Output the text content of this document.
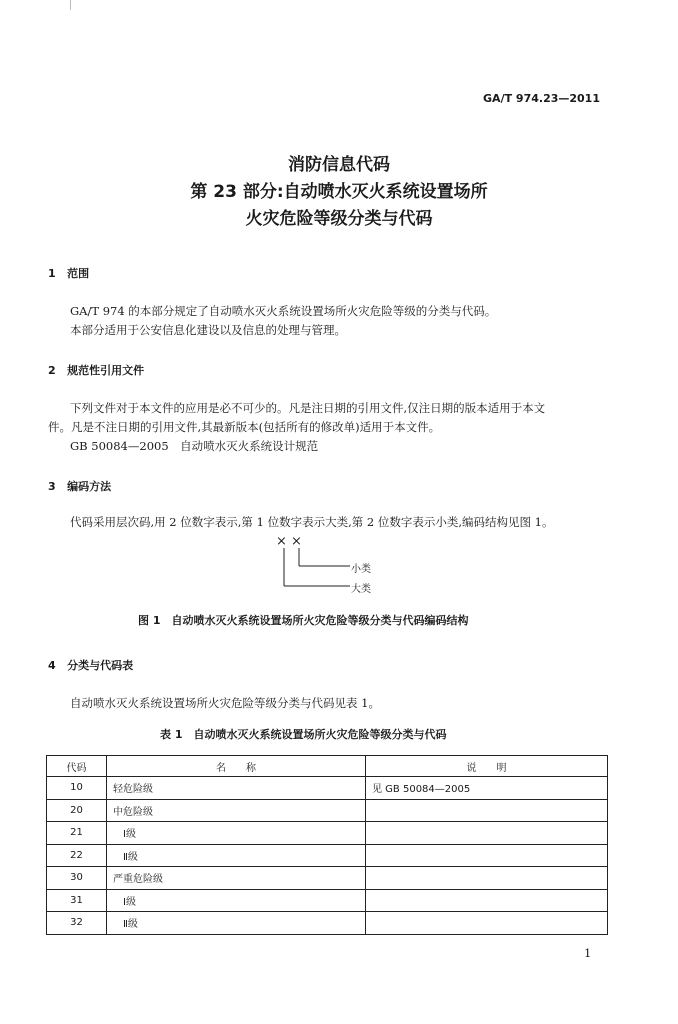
GA/T 974.23—2011
消防信息代码
第 23 部分:自动喷水灭火系统设置场所
火灾危险等级分类与代码
1 范围
GA/T 974 的本部分规定了自动喷水灭火系统设置场所火灾危险等级的分类与代码。
本部分适用于公安信息化建设以及信息的处理与管理。
2 规范性引用文件
下列文件对于本文件的应用是必不可少的。凡是注日期的引用文件,仅注日期的版本适用于本文
件。凡是不注日期的引用文件,其最新版本(包括所有的修改单)适用于本文件。
GB 50084—2005　自动喷水灭火系统设计规范
3 编码方法
代码采用层次码,用 2 位数字表示,第 1 位数字表示大类,第 2 位数字表示小类,编码结构见图 1。
× ×
小类
大类
图 1　自动喷水灭火系统设置场所火灾危险等级分类与代码编码结构
4 分类与代码表
自动喷水灭火系统设置场所火灾危险等级分类与代码见表 1。
表 1　自动喷水灭火系统设置场所火灾危险等级分类与代码
代码	名　　称	说　　明
10	轻危险级	见 GB 50084—2005
20	中危险级	
21	Ⅰ级	
22	Ⅱ级	
30	严重危险级	
31	Ⅰ级	
32	Ⅱ级	
1
